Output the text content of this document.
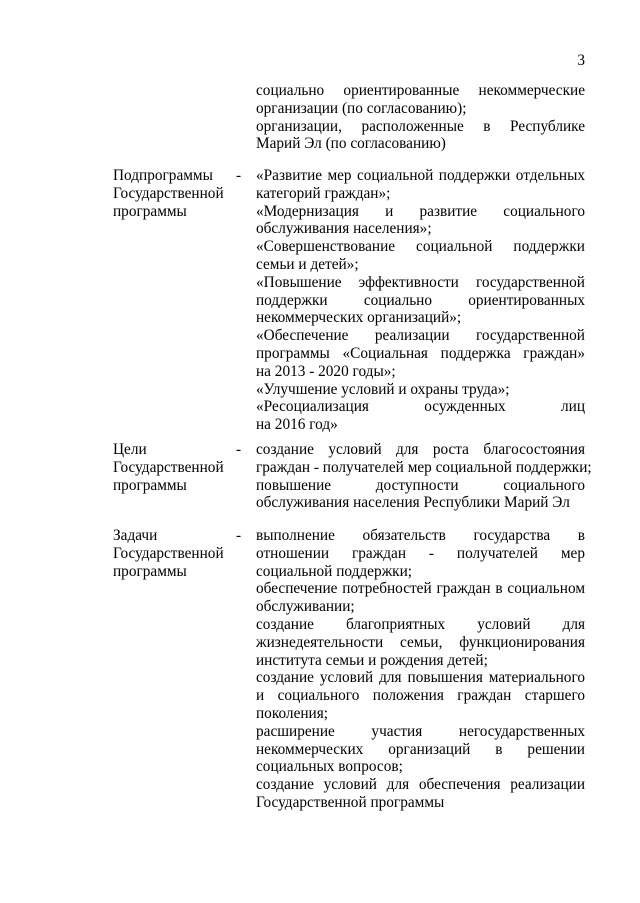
3
социально ориентированные некоммерческие
организации (по согласованию);
организации, расположенные в Республике
Марий Эл (по согласованию)
Подпрограммы
Государственной
программы
- «Развитие мер социальной поддержки отдельных
категорий граждан»;
«Модернизация и развитие социального
обслуживания населения»;
«Совершенствование социальной поддержки
семьи и детей»;
«Повышение эффективности государственной
поддержки социально ориентированных
некоммерческих организаций»;
«Обеспечение реализации государственной
программы «Социальная поддержка граждан»
на 2013 - 2020 годы»;
«Улучшение условий и охраны труда»;
«Ресоциализация осужденных лиц
на 2016 год»
Цели
Государственной
программы
- создание условий для роста благосостояния
граждан - получателей мер социальной поддержки;
повышение доступности социального
обслуживания населения Республики Марий Эл
Задачи
Государственной
программы
- выполнение обязательств государства в
отношении граждан - получателей мер
социальной поддержки;
обеспечение потребностей граждан в социальном
обслуживании;
создание благоприятных условий для
жизнедеятельности семьи, функционирования
института семьи и рождения детей;
создание условий для повышения материального
и социального положения граждан старшего
поколения;
расширение участия негосударственных
некоммерческих организаций в решении
социальных вопросов;
создание условий для обеспечения реализации
Государственной программы
